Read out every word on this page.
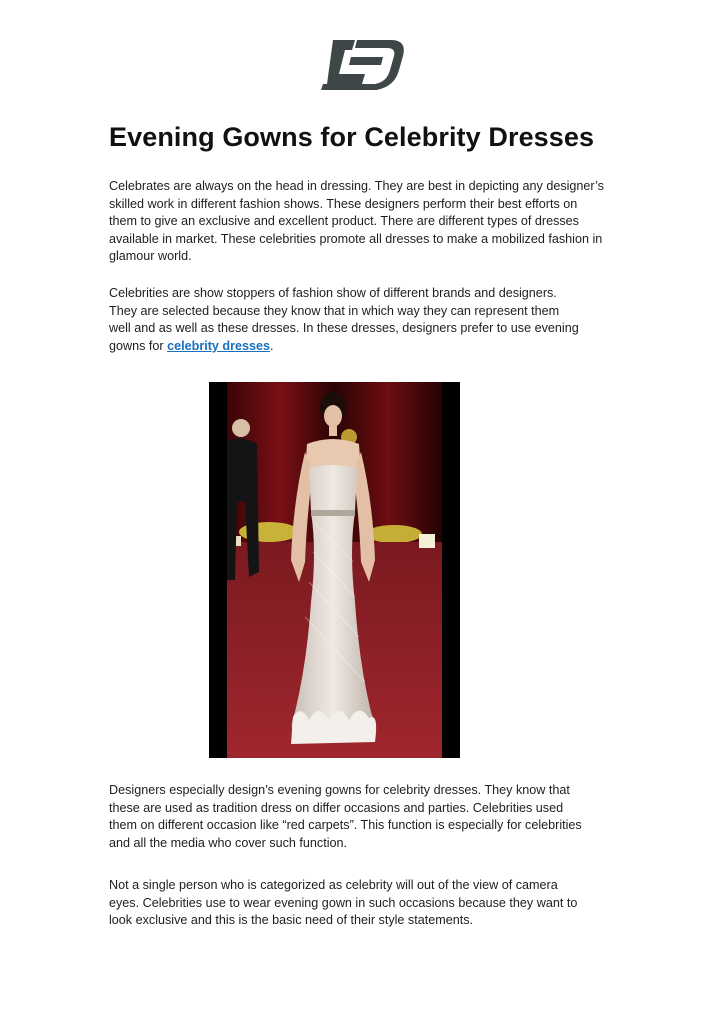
Evening Gowns for Celebrity Dresses
Celebrates are always on the head in dressing. They are best in depicting any designer’s
skilled work in different fashion shows. These designers perform their best efforts on
them to give an exclusive and excellent product. There are different types of dresses
available in market. These celebrities promote all dresses to make a mobilized fashion in
glamour world.
Celebrities are show stoppers of fashion show of different brands and designers.
They are selected because they know that in which way they can represent them
well and as well as these dresses. In these dresses, designers prefer to use evening
gowns for celebrity dresses.
Designers especially design’s evening gowns for celebrity dresses. They know that
these are used as tradition dress on differ occasions and parties. Celebrities used
them on different occasion like “red carpets”. This function is especially for celebrities
and all the media who cover such function.
Not a single person who is categorized as celebrity will out of the view of camera
eyes. Celebrities use to wear evening gown in such occasions because they want to
look exclusive and this is the basic need of their style statements.
